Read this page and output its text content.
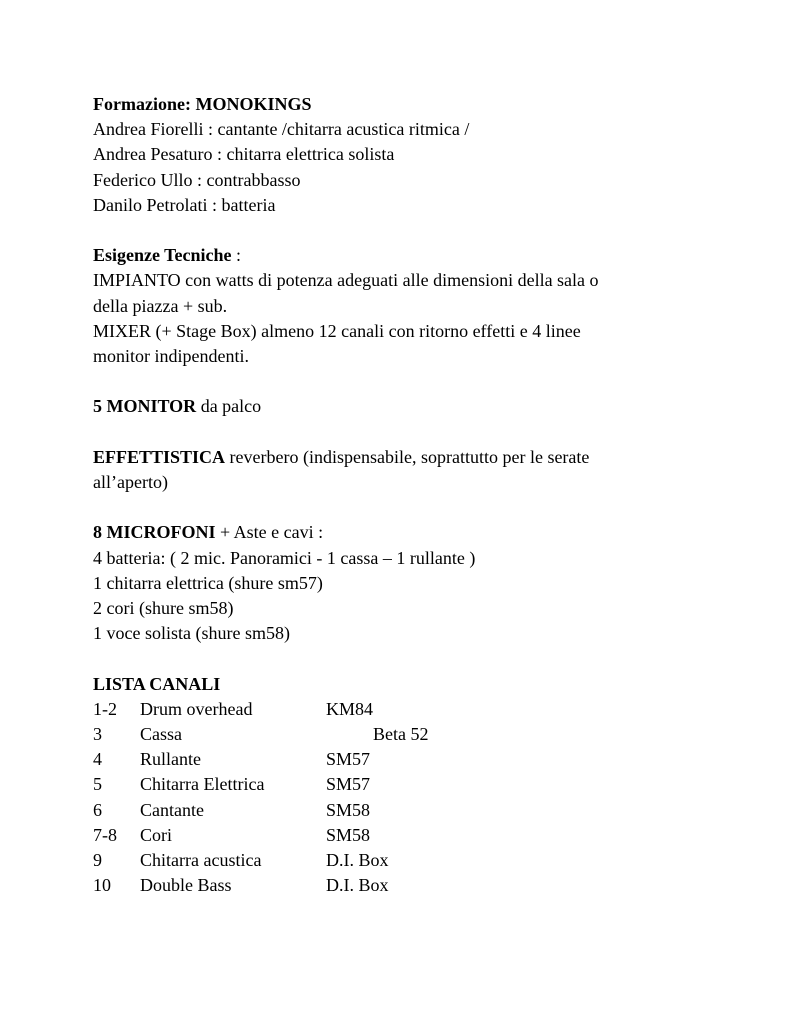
Formazione: MONOKINGS
Andrea Fiorelli : cantante /chitarra acustica ritmica /
Andrea Pesaturo : chitarra elettrica solista
Federico Ullo : contrabbasso
Danilo Petrolati : batteria
Esigenze Tecniche :
IMPIANTO con watts di potenza adeguati alle dimensioni della sala o
della piazza + sub.
MIXER (+ Stage Box) almeno 12 canali con ritorno effetti e 4 linee
monitor indipendenti.
5 MONITOR da palco
EFFETTISTICA reverbero (indispensabile, soprattutto per le serate
all’aperto)
8 MICROFONI + Aste e cavi :
4 batteria: ( 2 mic. Panoramici - 1 cassa – 1 rullante )
1 chitarra elettrica (shure sm57)
2 cori (shure sm58)
1 voce solista (shure sm58)
LISTA CANALI
1-2 Drum overhead	KM84
3 Cassa	Beta 52
4 Rullante	SM57
5 Chitarra Elettrica	SM57
6 Cantante	SM58
7-8 Cori	SM58
9 Chitarra acustica	D.I. Box
10 Double Bass	D.I. Box
